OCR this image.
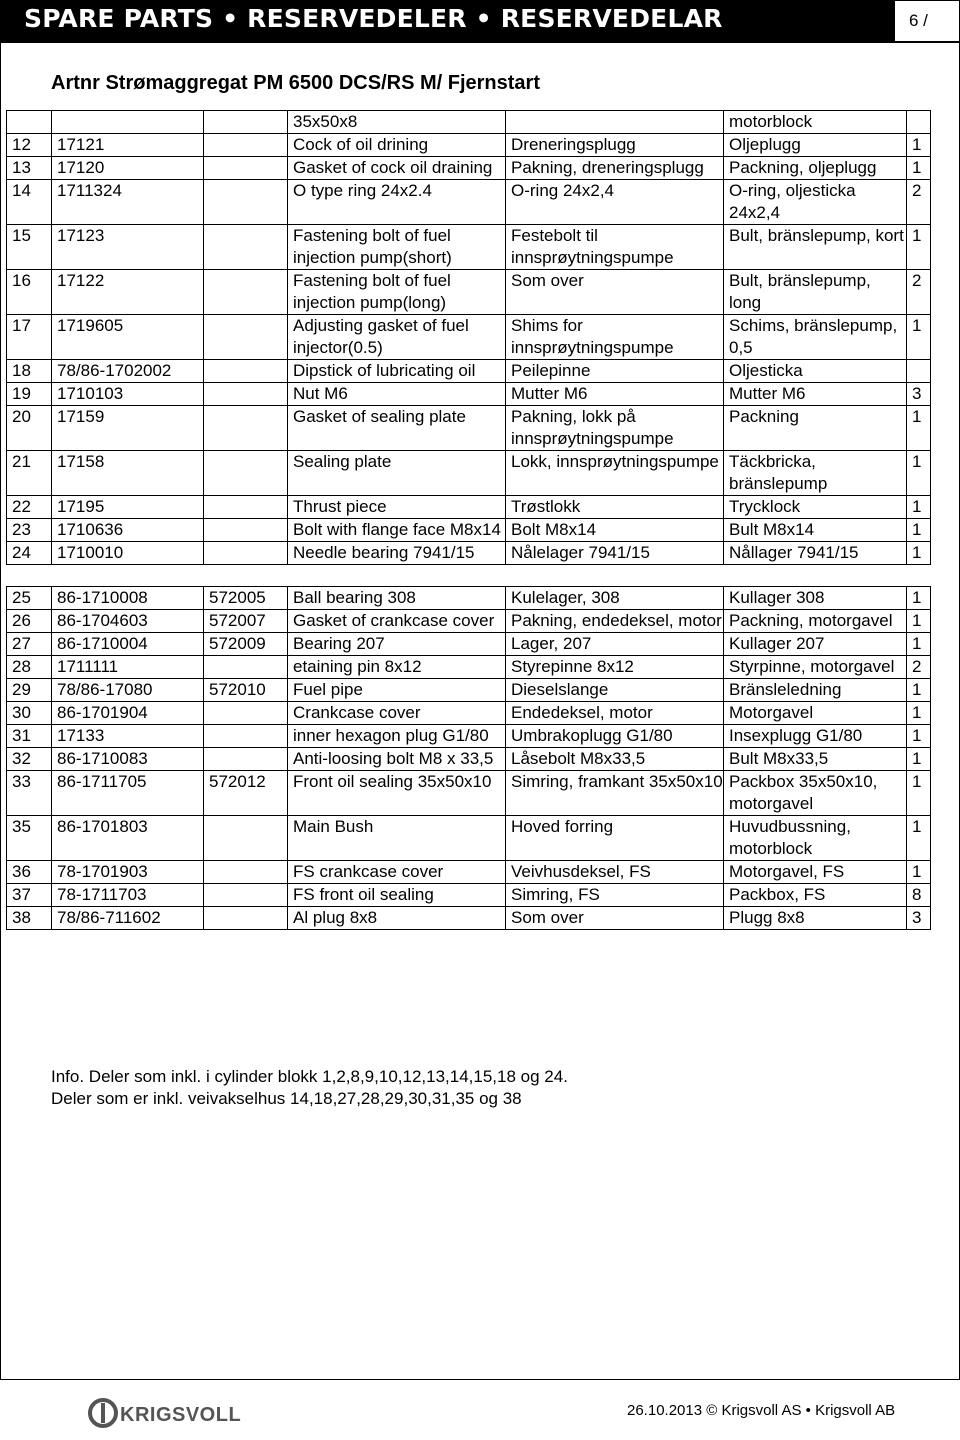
SPARE PARTS • RESERVEDELER • RESERVEDELAR	6 /
Artnr Strømaggregat PM 6500 DCS/RS M/ Fjernstart
			35x50x8		motorblock	
12	17121		Cock of oil drining	Dreneringsplugg	Oljeplugg	1
13	17120		Gasket of cock oil draining	Pakning, dreneringsplugg	Packning, oljeplugg	1
14	1711324		O type ring 24x2.4	O-ring 24x2,4	O-ring, oljesticka 24x2,4	2
15	17123		Fastening bolt of fuel injection pump(short)	Festebolt til innsprøytningspumpe	Bult, bränslepump, kort	1
16	17122		Fastening bolt of fuel injection pump(long)	Som over	Bult, bränslepump, long	2
17	1719605		Adjusting gasket of fuel injector(0.5)	Shims for innsprøytningspumpe	Schims, bränslepump, 0,5	1
18	78/86-1702002		Dipstick of lubricating oil	Peilepinne	Oljesticka	
19	1710103		Nut M6	Mutter M6	Mutter M6	3
20	17159		Gasket of sealing plate	Pakning, lokk på innsprøytningspumpe	Packning	1
21	17158		Sealing plate	Lokk, innsprøytningspumpe	Täckbricka, bränslepump	1
22	17195		Thrust piece	Trøstlokk	Trycklock	1
23	1710636		Bolt with flange face M8x14	Bolt M8x14	Bult M8x14	1
24	1710010		Needle bearing 7941/15	Nålelager 7941/15	Nållager 7941/15	1

25	86-1710008	572005	Ball bearing 308	Kulelager, 308	Kullager 308	1
26	86-1704603	572007	Gasket of crankcase cover	Pakning, endedeksel, motor	Packning, motorgavel	1
27	86-1710004	572009	Bearing 207	Lager, 207	Kullager 207	1
28	1711111		etaining pin 8x12	Styrepinne 8x12	Styrpinne, motorgavel	2
29	78/86-17080	572010	Fuel pipe	Dieselslange	Bränsleledning	1
30	86-1701904		Crankcase cover	Endedeksel, motor	Motorgavel	1
31	17133		inner hexagon plug G1/80	Umbrakoplugg G1/80	Insexplugg G1/80	1
32	86-1710083		Anti-loosing bolt M8 x 33,5	Låsebolt M8x33,5	Bult M8x33,5	1
33	86-1711705	572012	Front oil sealing 35x50x10	Simring, framkant 35x50x10	Packbox 35x50x10, motorgavel	1
35	86-1701803		Main Bush	Hoved forring	Huvudbussning, motorblock	1
36	78-1701903		FS crankcase cover	Veivhusdeksel, FS	Motorgavel, FS	1
37	78-1711703		FS front oil sealing	Simring, FS	Packbox, FS	8
38	78/86-711602		Al plug 8x8	Som over	Plugg 8x8	3
Info. Deler som inkl. i cylinder blokk 1,2,8,9,10,12,13,14,15,18 og 24.
Deler som er inkl. veivakselhus 14,18,27,28,29,30,31,35 og 38
KRIGSVOLL	26.10.2013 © Krigsvoll AS • Krigsvoll AB
